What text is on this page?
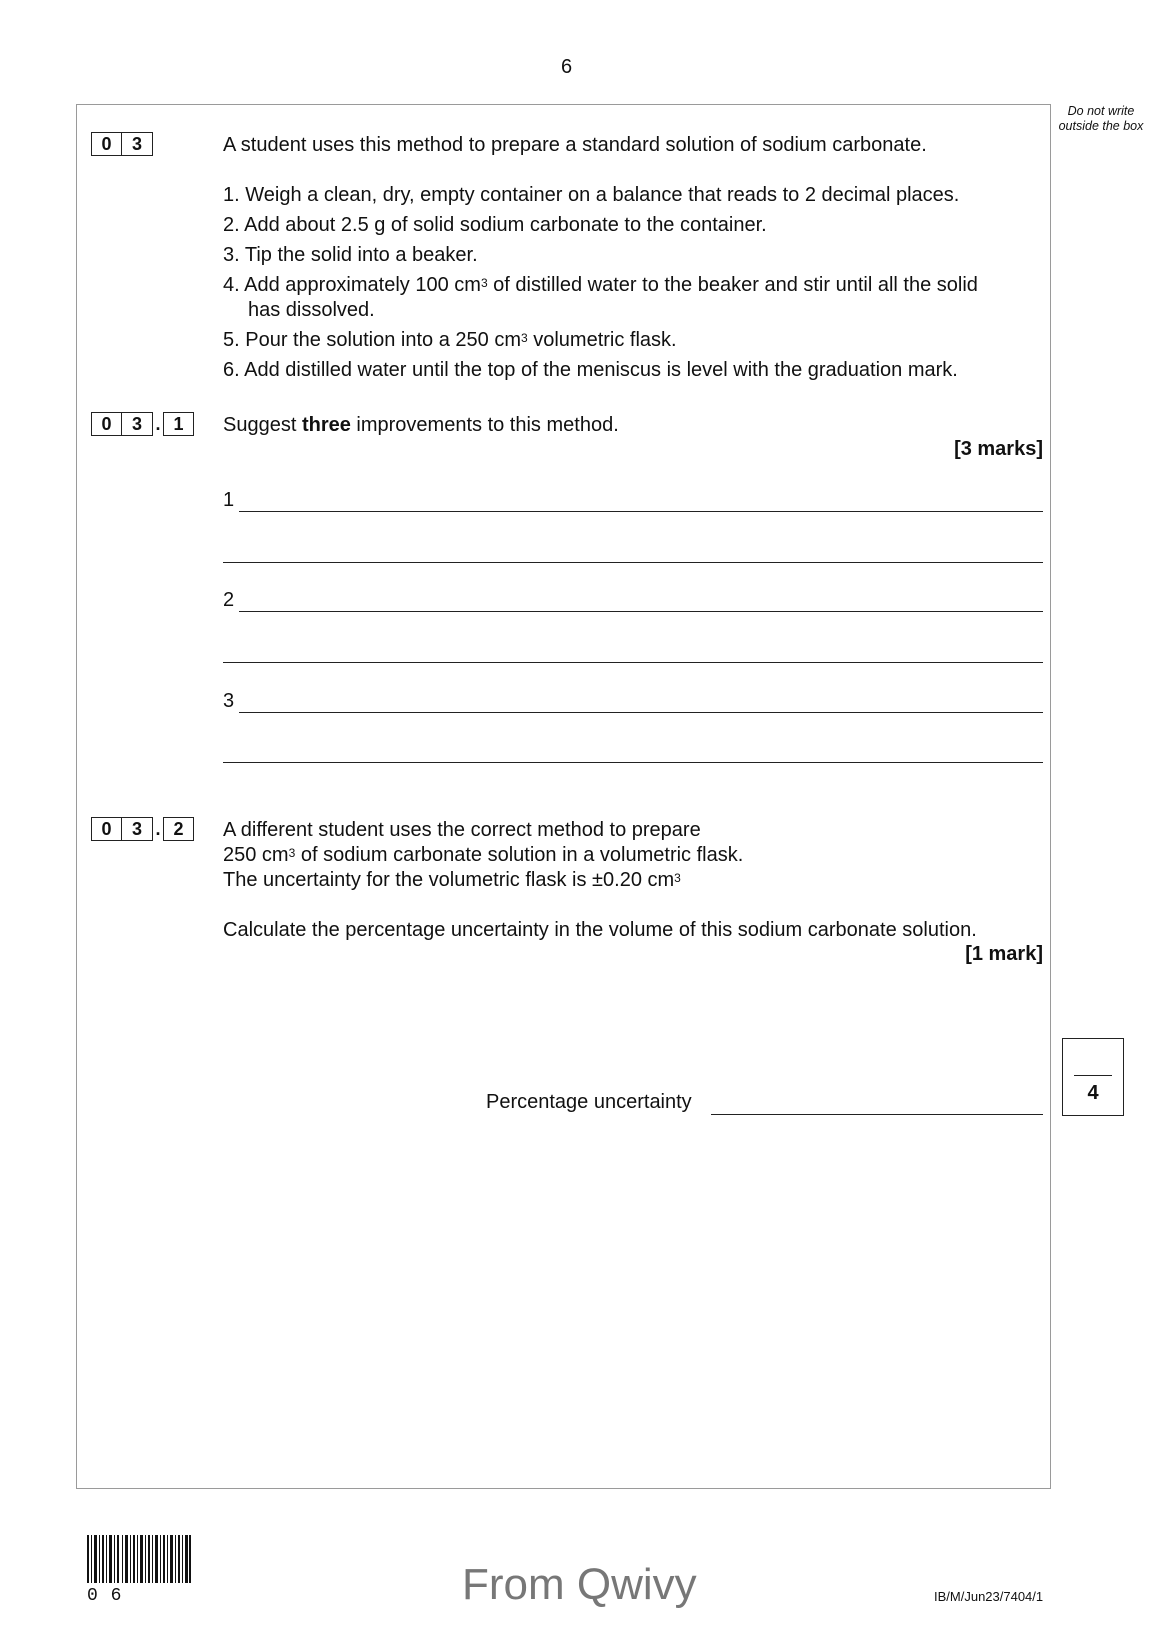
6
Do not write outside the box
0	3	A student uses this method to prepare a standard solution of sodium carbonate.
1. Weigh a clean, dry, empty container on a balance that reads to 2 decimal places.
2. Add about 2.5 g of solid sodium carbonate to the container.
3. Tip the solid into a beaker.
4. Add approximately 100 $cm^3$ of distilled water to the beaker and stir until all the solid
has dissolved.
5. Pour the solution into a 250 $cm^3$ volumetric flask.
6. Add distilled water until the top of the meniscus is level with the graduation mark.
0	3 . 1	Suggest three improvements to this method.
[3 marks]
1
2
3
0	3 . 2	A different student uses the correct method to prepare
250 $cm^3$ of sodium carbonate solution in a volumetric flask.
The uncertainty for the volumetric flask is ±0.20 $cm^3$
Calculate the percentage uncertainty in the volume of this sodium carbonate solution.
[1 mark]
Percentage uncertainty	4
0 6	From Qwivy	IB/M/Jun23/7404/1
